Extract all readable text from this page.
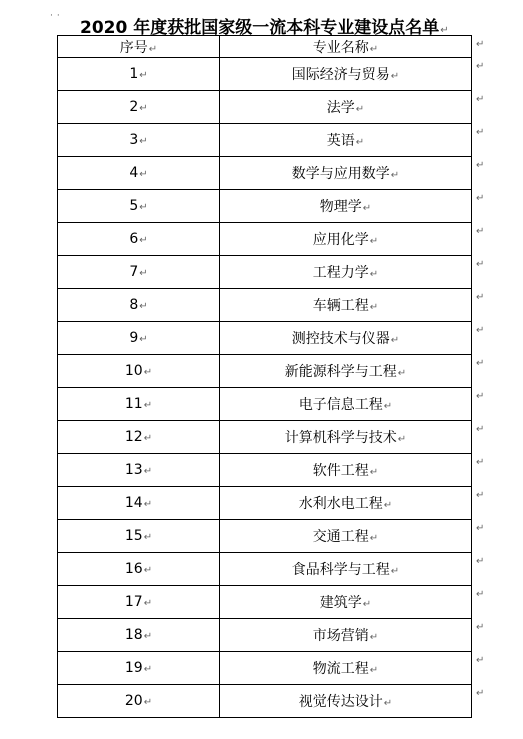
··
2020 年度获批国家级一流本科专业建设点名单↵
序号↵	专业名称↵
1↵	国际经济与贸易↵
2↵	法学↵
3↵	英语↵
4↵	数学与应用数学↵
5↵	物理学↵
6↵	应用化学↵
7↵	工程力学↵
8↵	车辆工程↵
9↵	测控技术与仪器↵
10↵	新能源科学与工程↵
11↵	电子信息工程↵
12↵	计算机科学与技术↵
13↵	软件工程↵
14↵	水利水电工程↵
15↵	交通工程↵
16↵	食品科学与工程↵
17↵	建筑学↵
18↵	市场营销↵
19↵	物流工程↵
20↵	视觉传达设计↵
↵
↵
↵
↵
↵
↵
↵
↵
↵
↵
↵
↵
↵
↵
↵
↵
↵
↵
↵
↵
↵
